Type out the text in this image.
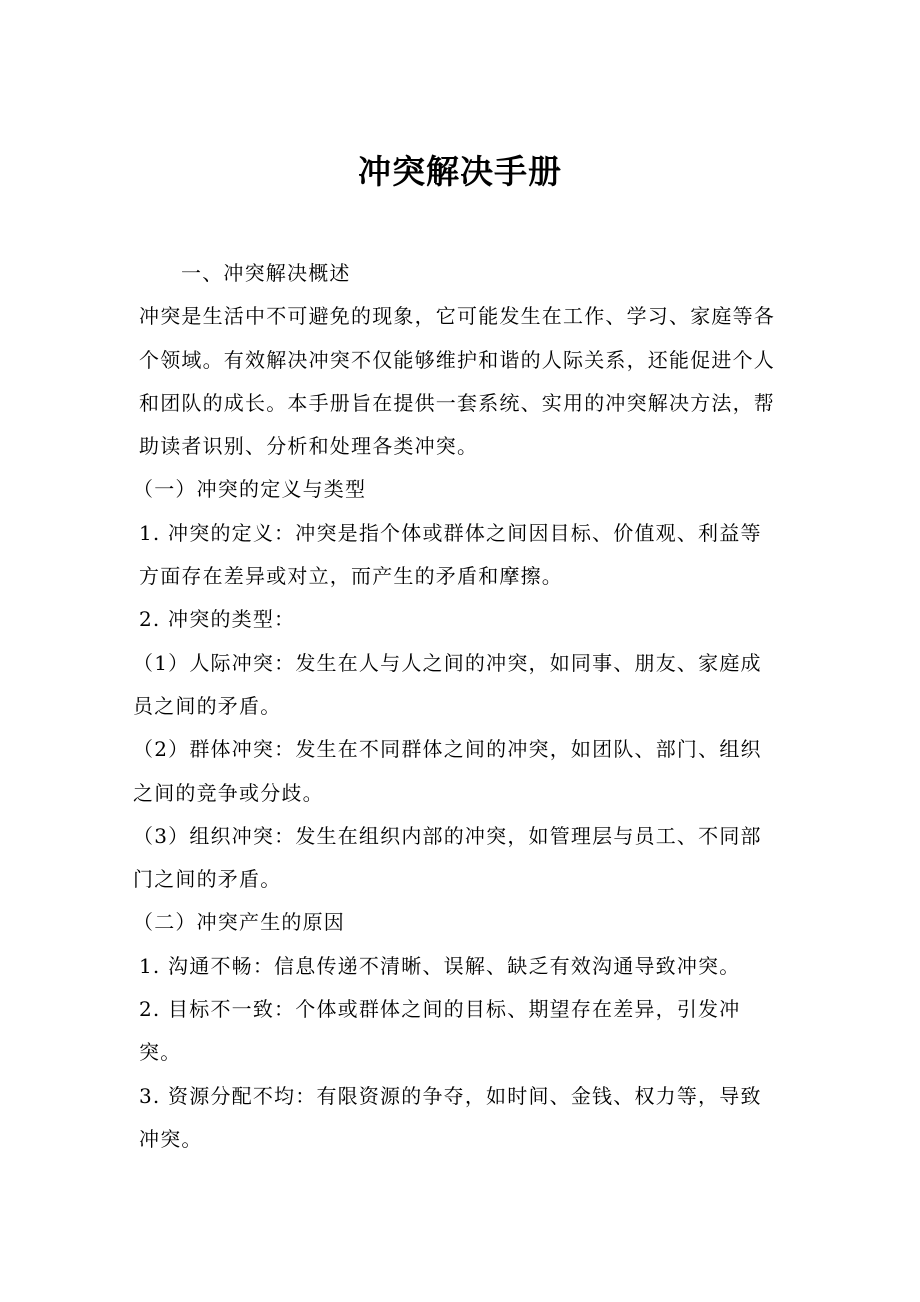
冲突解决手册

一、冲突解决概述

冲突是生活中不可避免的现象，它可能发生在工作、学习、家庭等各个领域。有效解决冲突不仅能够维护和谐的人际关系，还能促进个人和团队的成长。本手册旨在提供一套系统、实用的冲突解决方法，帮助读者识别、分析和处理各类冲突。

（一）冲突的定义与类型

1. 冲突的定义：冲突是指个体或群体之间因目标、价值观、利益等方面存在差异或对立，而产生的矛盾和摩擦。

2. 冲突的类型：

（1）人际冲突：发生在人与人之间的冲突，如同事、朋友、家庭成员之间的矛盾。

（2）群体冲突：发生在不同群体之间的冲突，如团队、部门、组织之间的竞争或分歧。

（3）组织冲突：发生在组织内部的冲突，如管理层与员工、不同部门之间的矛盾。

（二）冲突产生的原因

1. 沟通不畅：信息传递不清晰、误解、缺乏有效沟通导致冲突。

2. 目标不一致：个体或群体之间的目标、期望存在差异，引发冲突。

3. 资源分配不均：有限资源的争夺，如时间、金钱、权力等，导致冲突。
